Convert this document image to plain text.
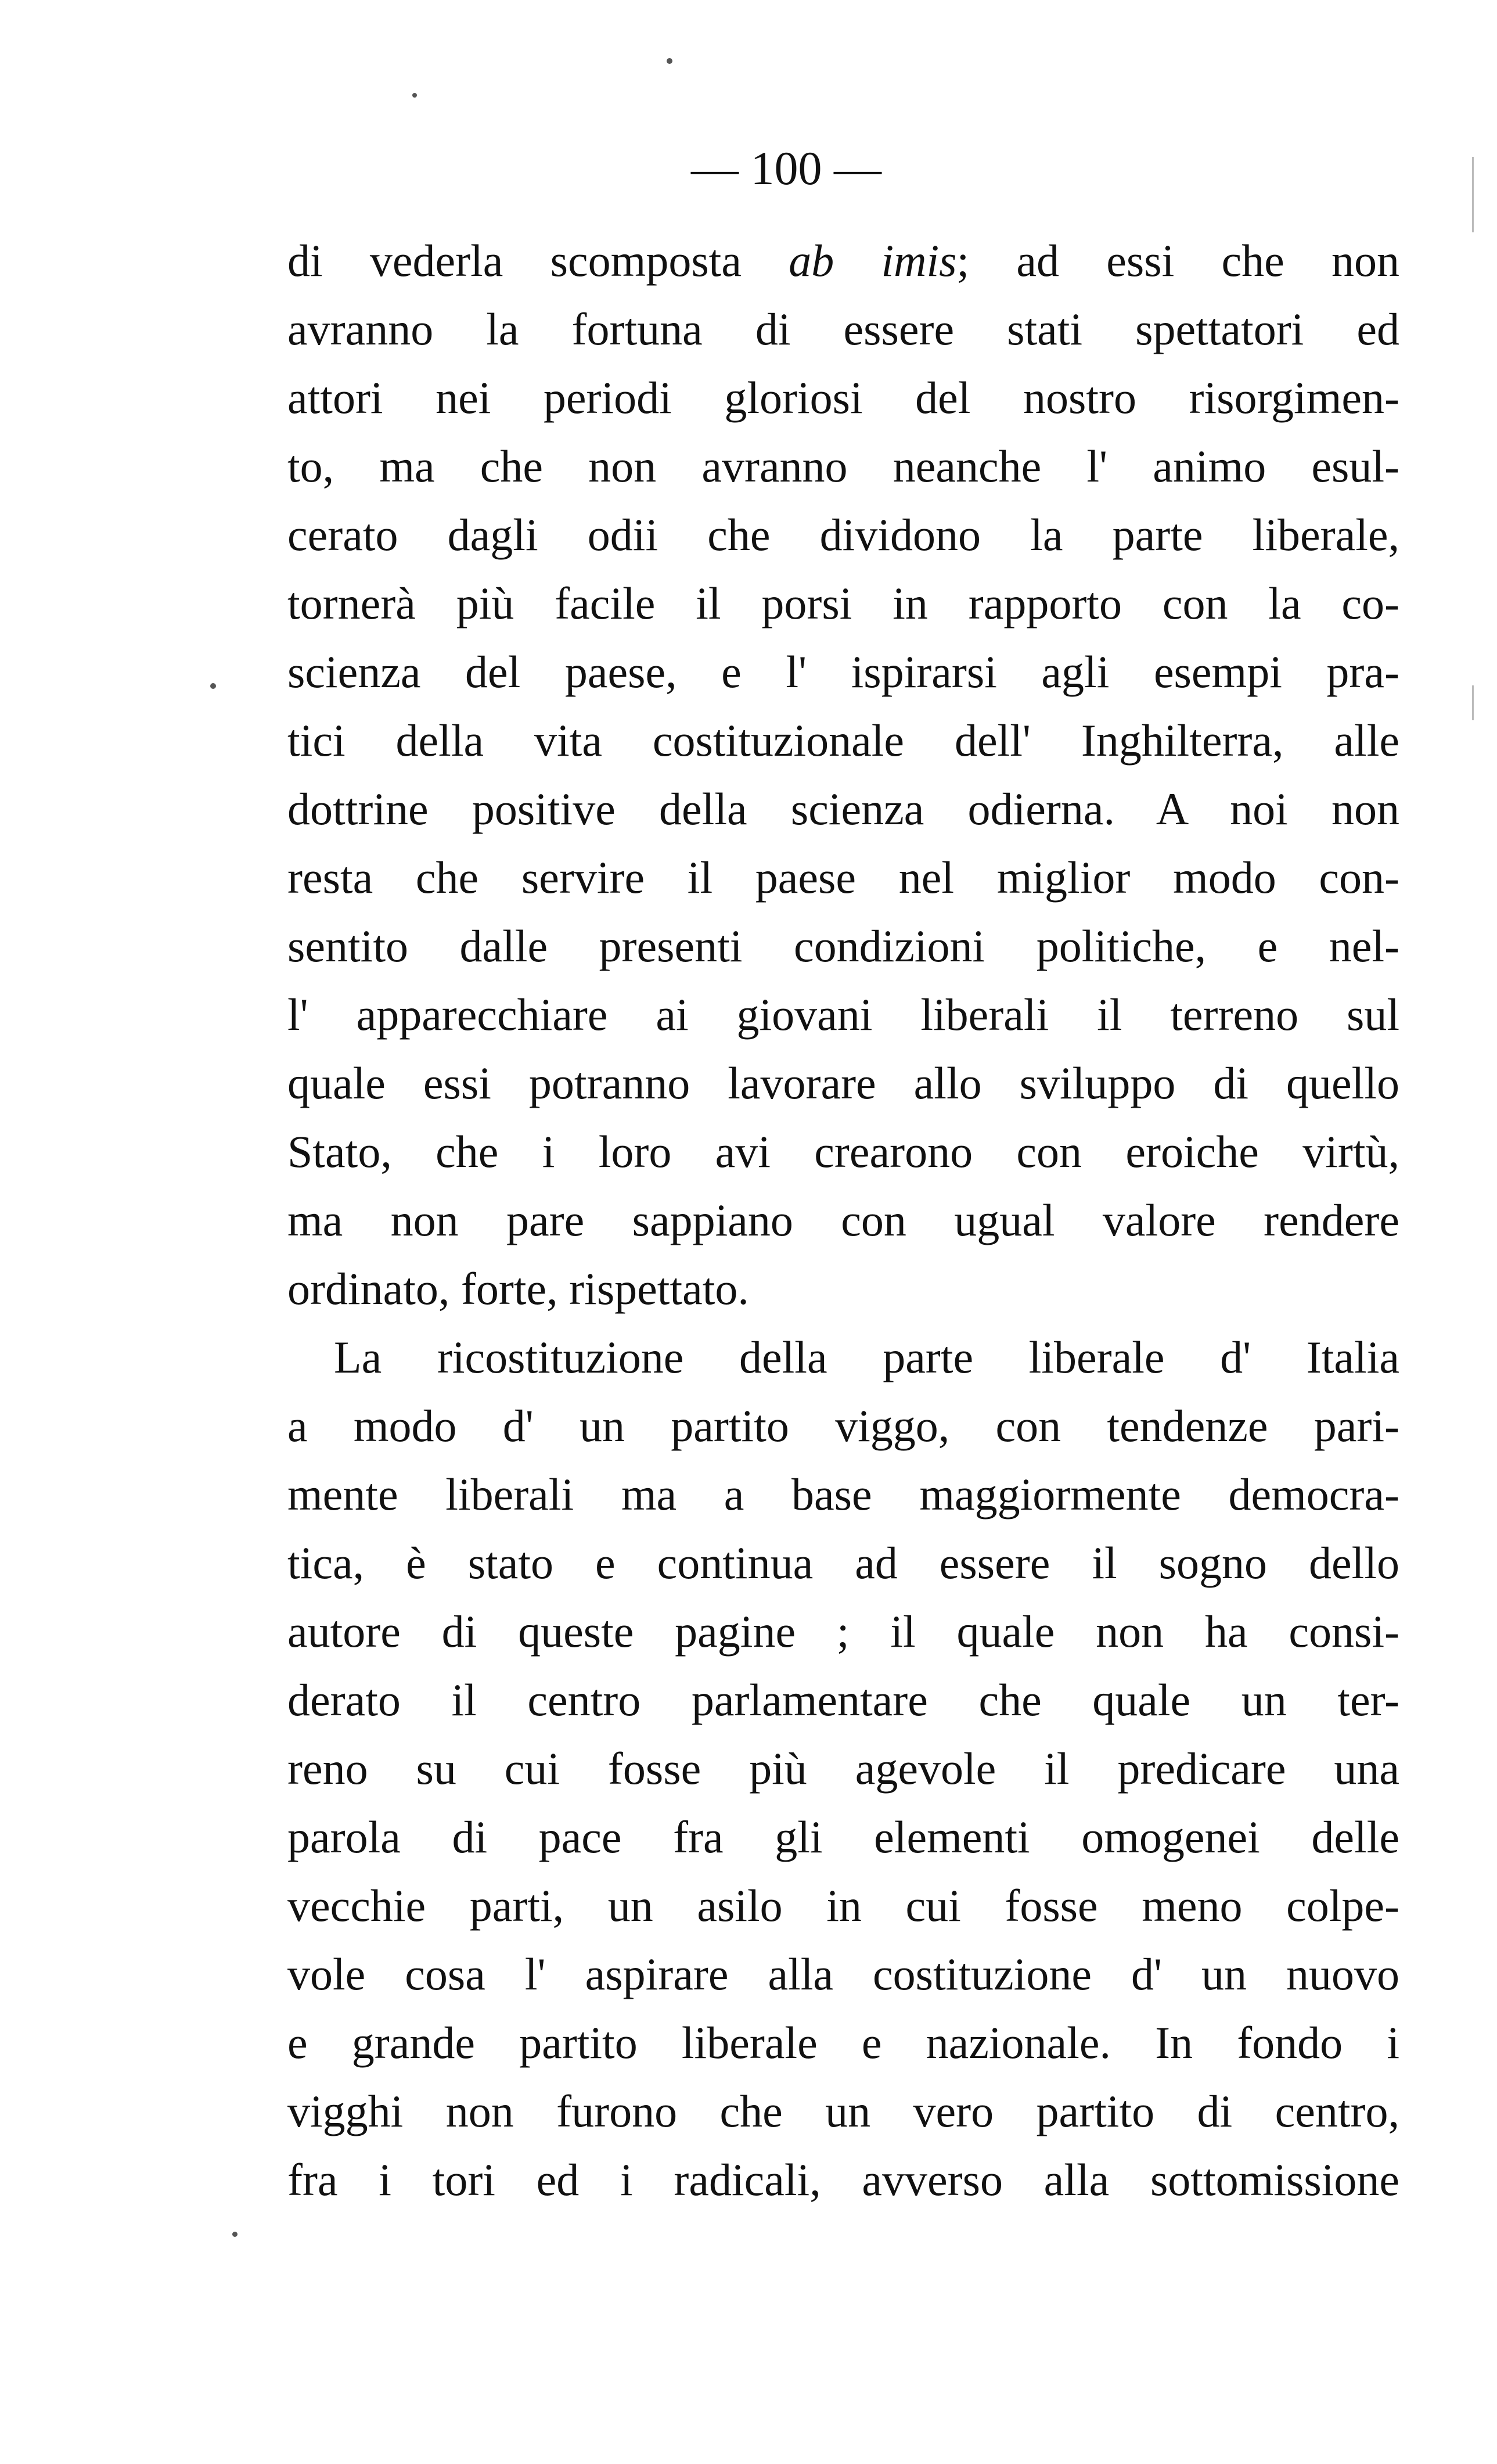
— 100 —
di vederla scomposta ab imis; ad essi che non
avranno la fortuna di essere stati spettatori ed
attori nei periodi gloriosi del nostro risorgimen-
to, ma che non avranno neanche l' animo esul-
cerato dagli odii che dividono la parte liberale,
tornerà più facile il porsi in rapporto con la co-
scienza del paese, e l' ispirarsi agli esempi pra-
tici della vita costituzionale dell' Inghilterra, alle
dottrine positive della scienza odierna. A noi non
resta che servire il paese nel miglior modo con-
sentito dalle presenti condizioni politiche, e nel-
l' apparecchiare ai giovani liberali il terreno sul
quale essi potranno lavorare allo sviluppo di quello
Stato, che i loro avi crearono con eroiche virtù,
ma non pare sappiano con ugual valore rendere
ordinato, forte, rispettato.
La ricostituzione della parte liberale d' Italia
a modo d' un partito viggo, con tendenze pari-
mente liberali ma a base maggiormente democra-
tica, è stato e continua ad essere il sogno dello
autore di queste pagine ; il quale non ha consi-
derato il centro parlamentare che quale un ter-
reno su cui fosse più agevole il predicare una
parola di pace fra gli elementi omogenei delle
vecchie parti, un asilo in cui fosse meno colpe-
vole cosa l' aspirare alla costituzione d' un nuovo
e grande partito liberale e nazionale. In fondo i
vigghi non furono che un vero partito di centro,
fra i tori ed i radicali, avverso alla sottomissione
